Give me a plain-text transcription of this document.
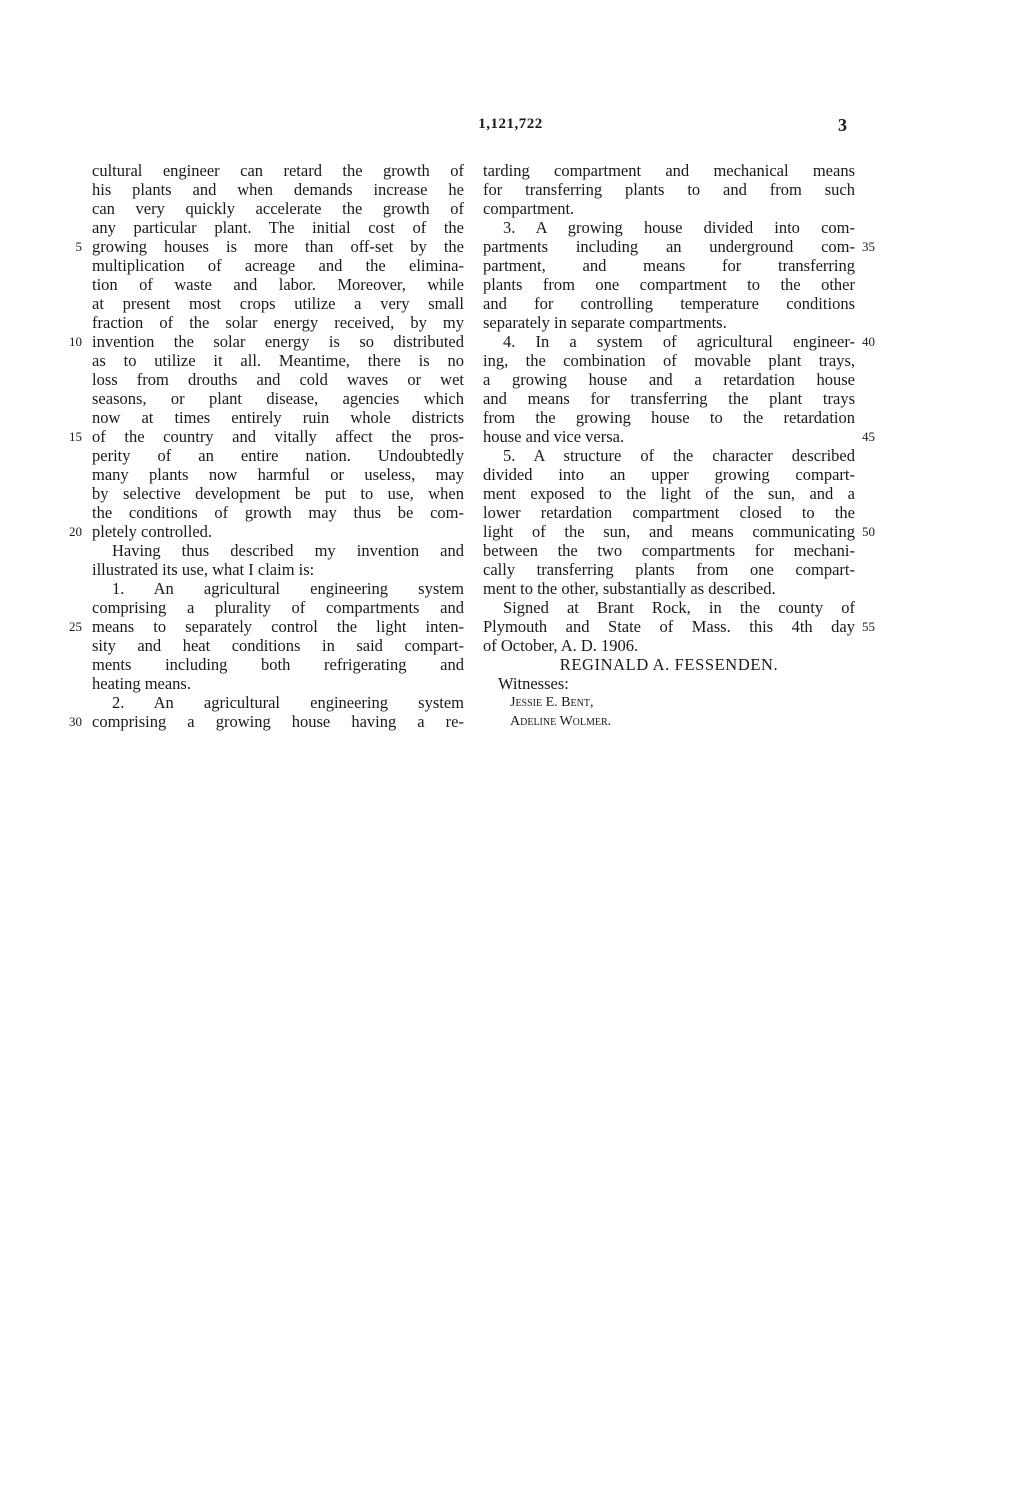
1,121,722	3
cultural engineer can retard the growth of
his plants and when demands increase he
can very quickly accelerate the growth of
any particular plant. The initial cost of the
growing houses is more than off-set by the
multiplication of acreage and the elimina-
tion of waste and labor. Moreover, while
at present most crops utilize a very small
fraction of the solar energy received, by my
invention the solar energy is so distributed
as to utilize it all. Meantime, there is no
loss from drouths and cold waves or wet
seasons, or plant disease, agencies which
now at times entirely ruin whole districts
of the country and vitally affect the pros-
perity of an entire nation. Undoubtedly
many plants now harmful or useless, may
by selective development be put to use, when
the conditions of growth may thus be com-
pletely controlled.
Having thus described my invention and
illustrated its use, what I claim is:
1. An agricultural engineering system
comprising a plurality of compartments and
means to separately control the light inten-
sity and heat conditions in said compart-
ments including both refrigerating and
heating means.
2. An agricultural engineering system
comprising a growing house having a re-
tarding compartment and mechanical means
for transferring plants to and from such
compartment.
3. A growing house divided into com-
partments including an underground com-
partment, and means for transferring
plants from one compartment to the other
and for controlling temperature conditions
separately in separate compartments.
4. In a system of agricultural engineer-
ing, the combination of movable plant trays,
a growing house and a retardation house
and means for transferring the plant trays
from the growing house to the retardation
house and vice versa.
5. A structure of the character described
divided into an upper growing compart-
ment exposed to the light of the sun, and a
lower retardation compartment closed to the
light of the sun, and means communicating
between the two compartments for mechani-
cally transferring plants from one compart-
ment to the other, substantially as described.
Signed at Brant Rock, in the county of
Plymouth and State of Mass. this 4th day
of October, A. D. 1906.
REGINALD A. FESSENDEN.
Witnesses:
Jessie E. Bent,
Adeline Wolmer.
5
10
15
20
25
30
35
40
45
50
55
